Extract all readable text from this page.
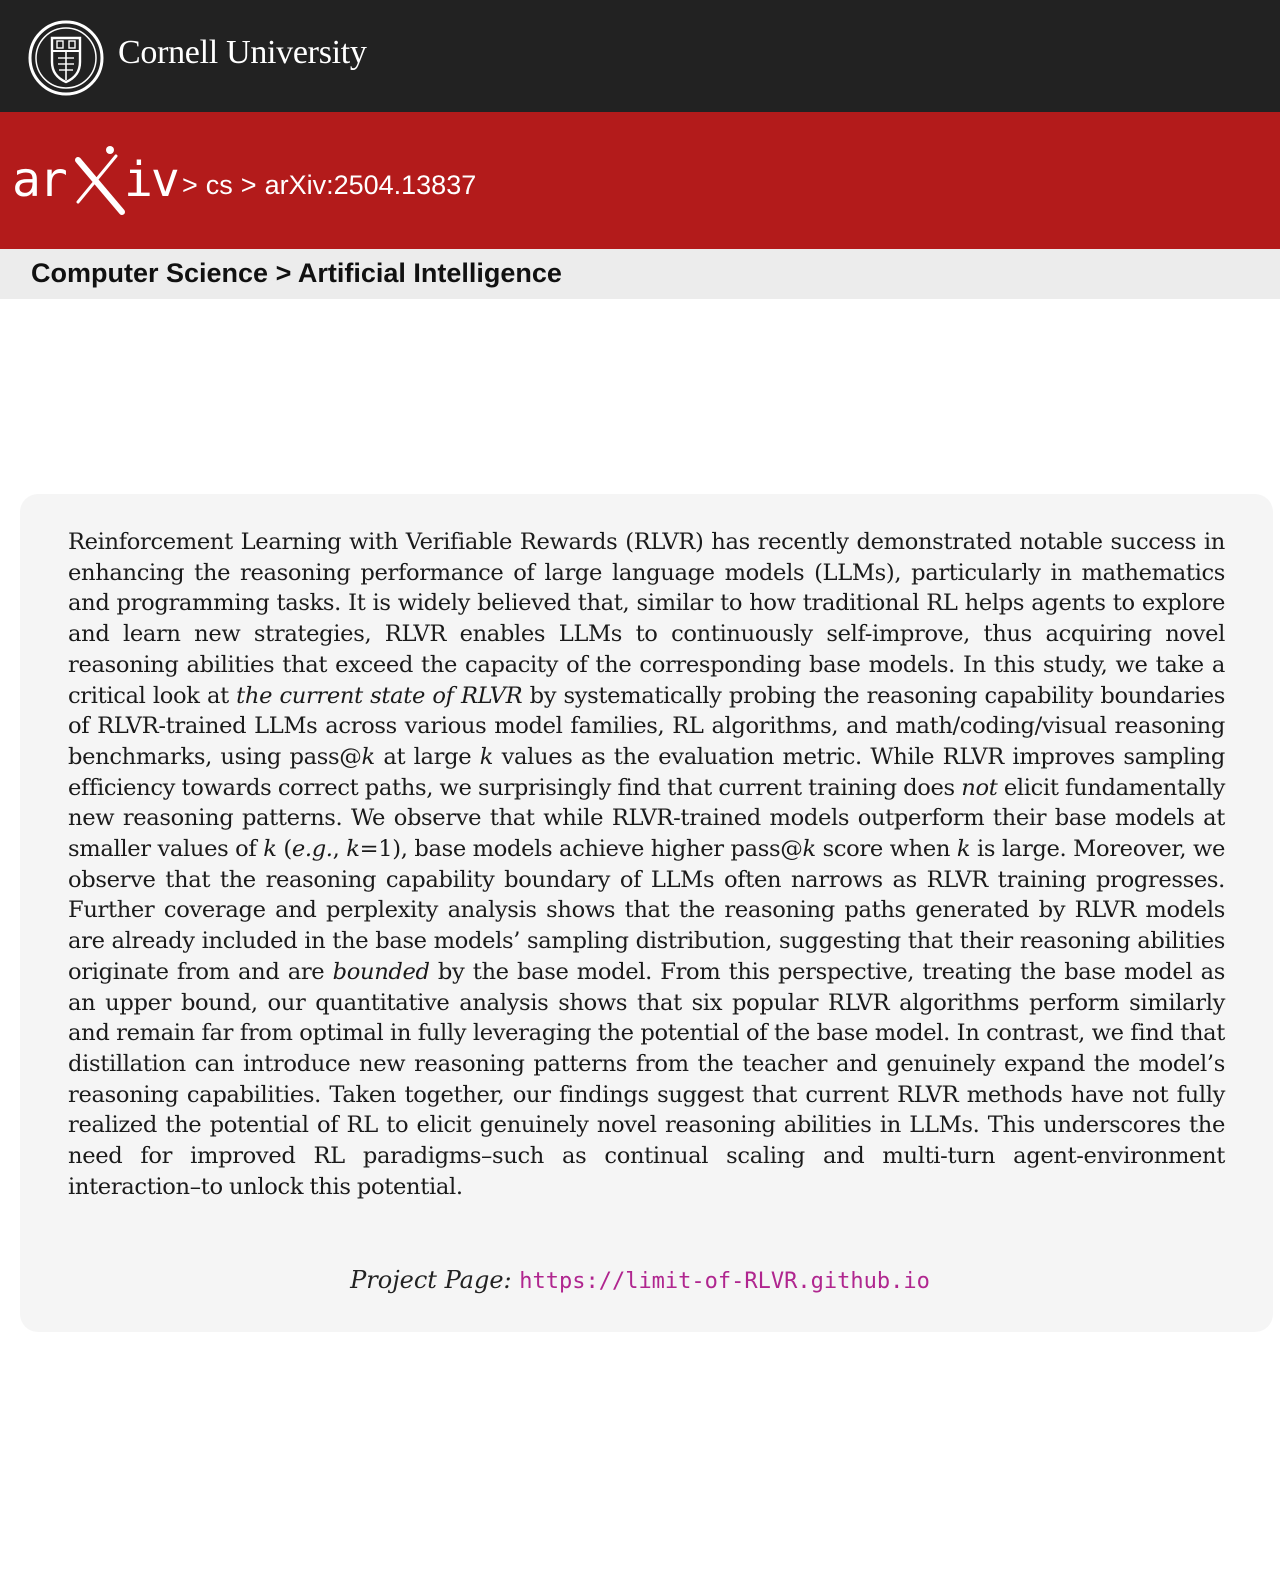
Cornell University
ar iv > cs > arXiv:2504.13837
Computer Science > Artificial Intelligence

Reinforcement Learning with Verifiable Rewards (RLVR) has recently demonstrated notable success in enhancing the reasoning performance of large language models (LLMs), particularly in mathematics and programming tasks. It is widely believed that, similar to how traditional RL helps agents to explore and learn new strategies, RLVR enables LLMs to continuously self-improve, thus acquiring novel reasoning abilities that exceed the capacity of the corresponding base models. In this study, we take a critical look at the current state of RLVR by systematically probing the reasoning capability boundaries of RLVR-trained LLMs across various model families, RL algorithms, and math/coding/visual reasoning benchmarks, using pass@k at large k values as the evaluation metric. While RLVR improves sampling efficiency towards correct paths, we surprisingly find that current training does not elicit fundamentally new reasoning patterns. We observe that while RLVR-trained models outperform their base models at smaller values of k (e.g., k=1), base models achieve higher pass@k score when k is large. Moreover, we observe that the reasoning capability boundary of LLMs often narrows as RLVR training progresses. Further coverage and perplexity analysis shows that the reasoning paths generated by RLVR models are already included in the base models’ sampling distribution, suggesting that their reasoning abilities originate from and are bounded by the base model. From this perspective, treating the base model as an upper bound, our quantitative analysis shows that six popular RLVR algorithms perform similarly and remain far from optimal in fully leveraging the potential of the base model. In contrast, we find that distillation can introduce new reasoning patterns from the teacher and genuinely expand the model’s reasoning capabilities. Taken together, our findings suggest that current RLVR methods have not fully realized the potential of RL to elicit genuinely novel reasoning abilities in LLMs. This underscores the need for improved RL paradigms–such as continual scaling and multi-turn agent-environment interaction–to unlock this potential.

Project Page: https://limit-of-RLVR.github.io
